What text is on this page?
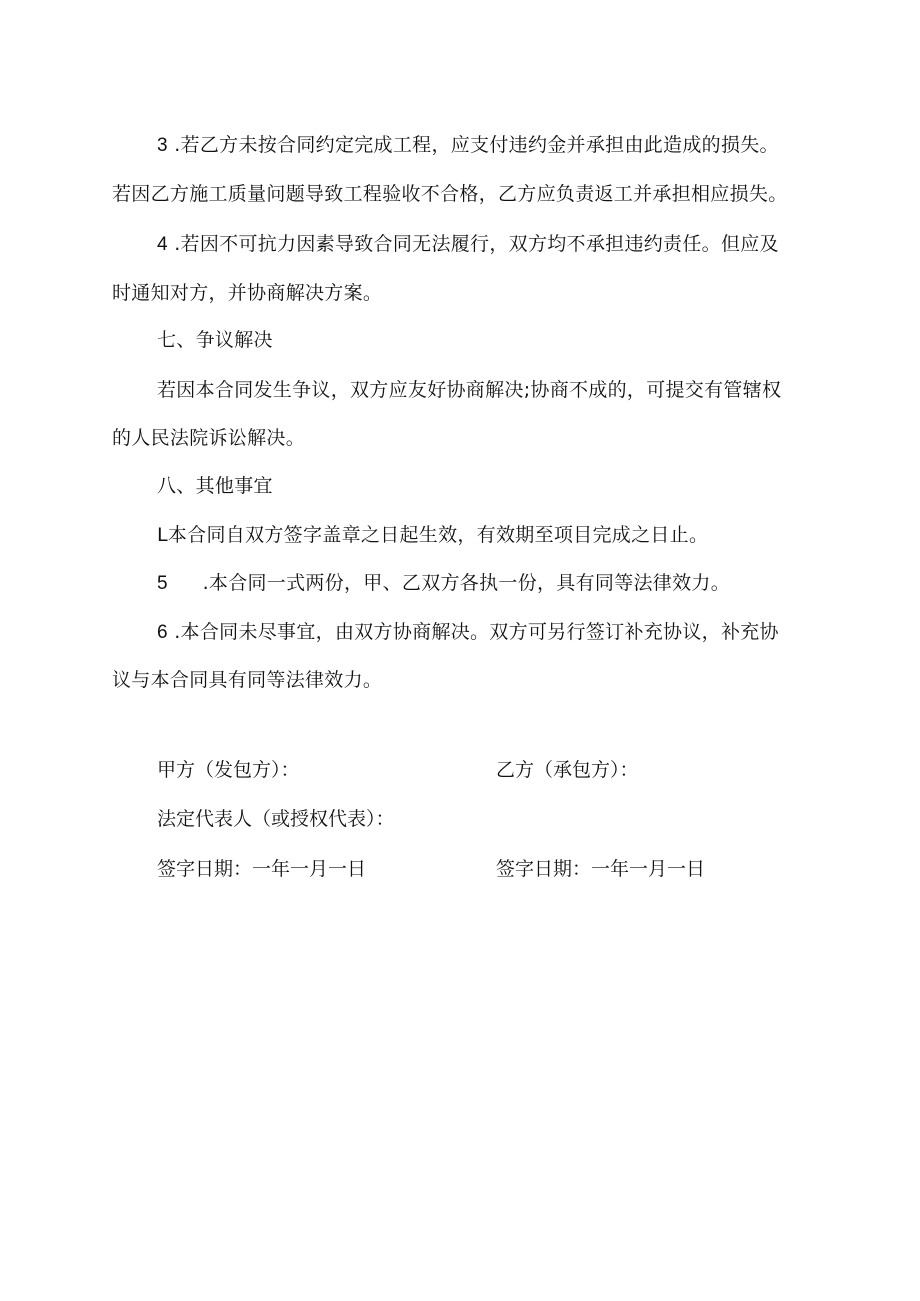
3 .若乙方未按合同约定完成工程，应支付违约金并承担由此造成的损失。
若因乙方施工质量问题导致工程验收不合格，乙方应负责返工并承担相应损失。
4 .若因不可抗力因素导致合同无法履行，双方均不承担违约责任。但应及
时通知对方，并协商解决方案。
七、争议解决
若因本合同发生争议，双方应友好协商解决;协商不成的，可提交有管辖权
的人民法院诉讼解决。
八、其他事宜
L本合同自双方签字盖章之日起生效，有效期至项目完成之日止。
5 .本合同一式两份，甲、乙双方各执一份，具有同等法律效力。
6 .本合同未尽事宜，由双方协商解决。双方可另行签订补充协议，补充协
议与本合同具有同等法律效力。
甲方（发包方）：	乙方（承包方）：
法定代表人（或授权代表）：
签字日期：一年一月一日	签字日期：一年一月一日
